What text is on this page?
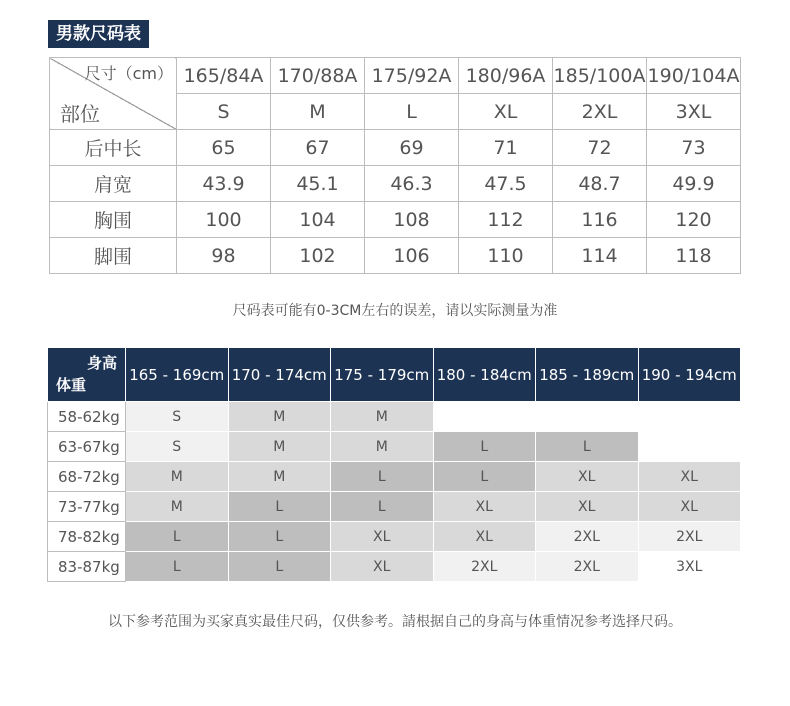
男款尺码表
尺寸（cm）
部位	165/84A	170/88A	175/92A	180/96A	185/100A	190/104A
	S	M	L	XL	2XL	3XL
后中长	65	67	69	71	72	73
肩宽	43.9	45.1	46.3	47.5	48.7	49.9
胸围	100	104	108	112	116	120
脚围	98	102	106	110	114	118
尺码表可能有0-3CM左右的误差，请以实际测量为准
身高
体重	165 - 169cm	170 - 174cm	175 - 179cm	180 - 184cm	185 - 189cm	190 - 194cm
58-62kg	S	M	M			
63-67kg	S	M	M	L	L	
68-72kg	M	M	L	L	XL	XL
73-77kg	M	L	L	XL	XL	XL
78-82kg	L	L	XL	XL	2XL	2XL
83-87kg	L	L	XL	2XL	2XL	3XL
以下参考范围为买家真实最佳尺码，仅供参考。請根据自己的身高与体重情况参考选择尺码。
